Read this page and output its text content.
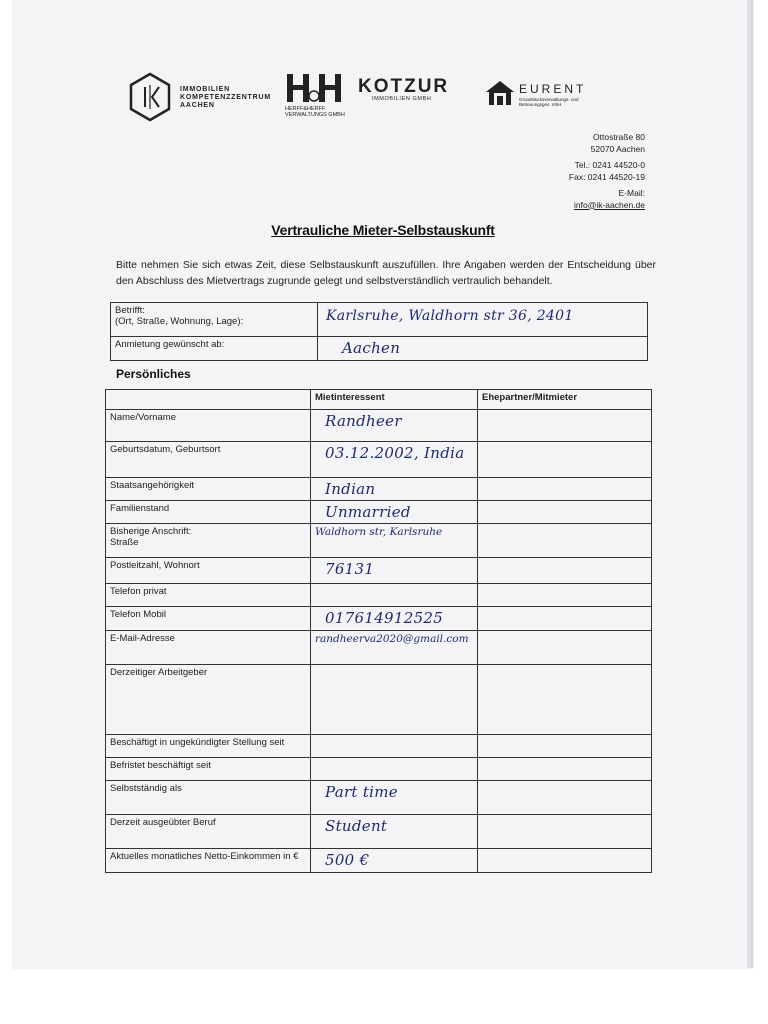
IMMOBILIEN
KOMPETENZZENTRUM
AACHEN	HERFF&HERFF VERWALTUNGS GMBH
KOTZUR
IMMOBILIEN GMBH
EURENT
Grundstücksverwaltungs- und Betreuungsges. mbH
Ottostraße 80
52070 Aachen
Tel.: 0241 44520-0
Fax: 0241 44520-19
E-Mail:
info@ik-aachen.de
Vertrauliche Mieter-Selbstauskunft
Bitte nehmen Sie sich etwas Zeit, diese Selbstauskunft auszufüllen. Ihre Angaben werden der Entscheidung über den Abschluss des Mietvertrags zugrunde gelegt und selbstverständlich vertraulich behandelt.
Betrifft:
(Ort, Straße, Wohnung, Lage):	Karlsruhe, Waldhorn str 36, 2401
Anmietung gewünscht ab:	Aachen
Persönliches
	Mietinteressent	Ehepartner/Mitmieter
Name/Vorname	Randheer	
Geburtsdatum, Geburtsort	03.12.2002, India	
Staatsangehörigkeit	Indian	
Familienstand	Unmarried	
Bisherige Anschrift:
Straße	Waldhorn str, Karlsruhe	
Postleitzahl, Wohnort	76131	
Telefon privat		
Telefon Mobil	017614912525	
E-Mail-Adresse	randheerva2020@gmail.com	
Derzeitiger Arbeitgeber		
Beschäftigt in ungekündigter Stellung seit		
Befristet beschäftigt seit		
Selbstständig als	Part time	
Derzeit ausgeübter Beruf	Student	
Aktuelles monatliches Netto-Einkommen in €	500 €	
